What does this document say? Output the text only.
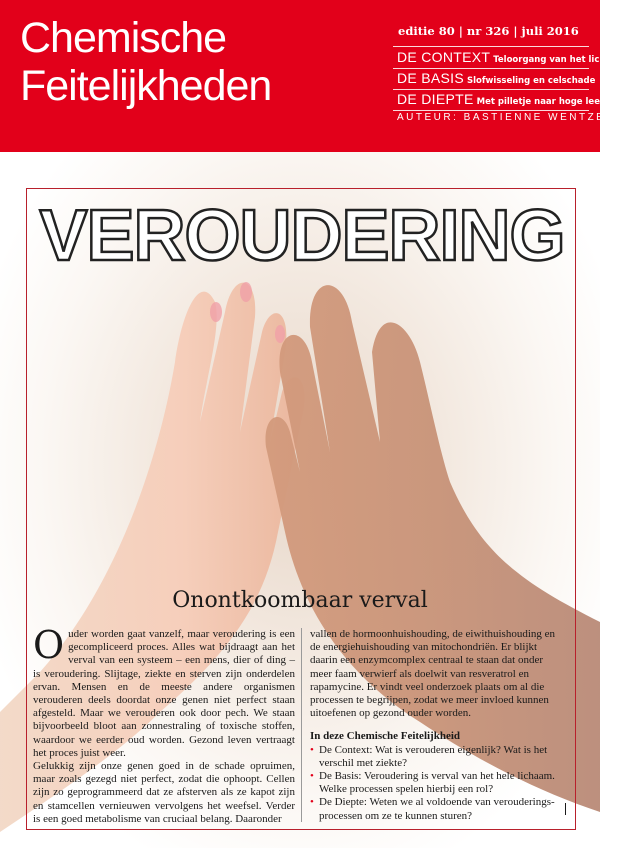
Chemische
Feitelijkheden
editie 80 | nr 326 | juli 2016
DE CONTEXT Teloorgang van het lichaam
DE BASIS Slofwisseling en celschade
DE DIEPTE Met pilletje naar hoge leeftijd
AUTEUR: BASTIENNE WENTZEL
VEROUDERING
Onontkoombaar verval
O uder worden gaat vanzelf, maar veroudering is een gecompliceerd proces. Alles wat bijdraagt aan het verval van een systeem – een mens, dier of ding – is veroudering. Slijtage, ziekte en sterven zijn onderdelen ervan. Mensen en de meeste andere organismen verouderen deels doordat onze genen niet perfect staan afgesteld. Maar we verouderen ook door pech. We staan bijvoorbeeld bloot aan zonnestraling of toxische stoffen, waardoor we eerder oud worden. Gezond leven vertraagt het proces juist weer.

Gelukkig zijn onze genen goed in de schade opruimen, maar zoals gezegd niet perfect, zodat die ophoopt. Cellen zijn zo geprogrammeerd dat ze afsterven als ze kapot zijn en stamcellen vernieuwen vervolgens het weefsel. Verder is een goed metabolisme van cruciaal belang. Daaronder

vallen de hormoonhuishouding, de eiwithuishouding en de energiehuishouding van mitochondriën. Er blijkt daarin een enzymcomplex centraal te staan dat onder meer faam verwierf als doelwit van resveratrol en rapamycine. Er vindt veel onderzoek plaats om al die processen te begrijpen, zodat we meer invloed kunnen uitoefenen op gezond ouder worden.

In deze Chemische Feitelijkheid
• De Context: Wat is verouderen eigenlijk? Wat is het verschil met ziekte?
• De Basis: Veroudering is verval van het hele lichaam. Welke processen spelen hierbij een rol?
• De Diepte: Weten we al voldoende van verouderings-processen om ze te kunnen sturen?
